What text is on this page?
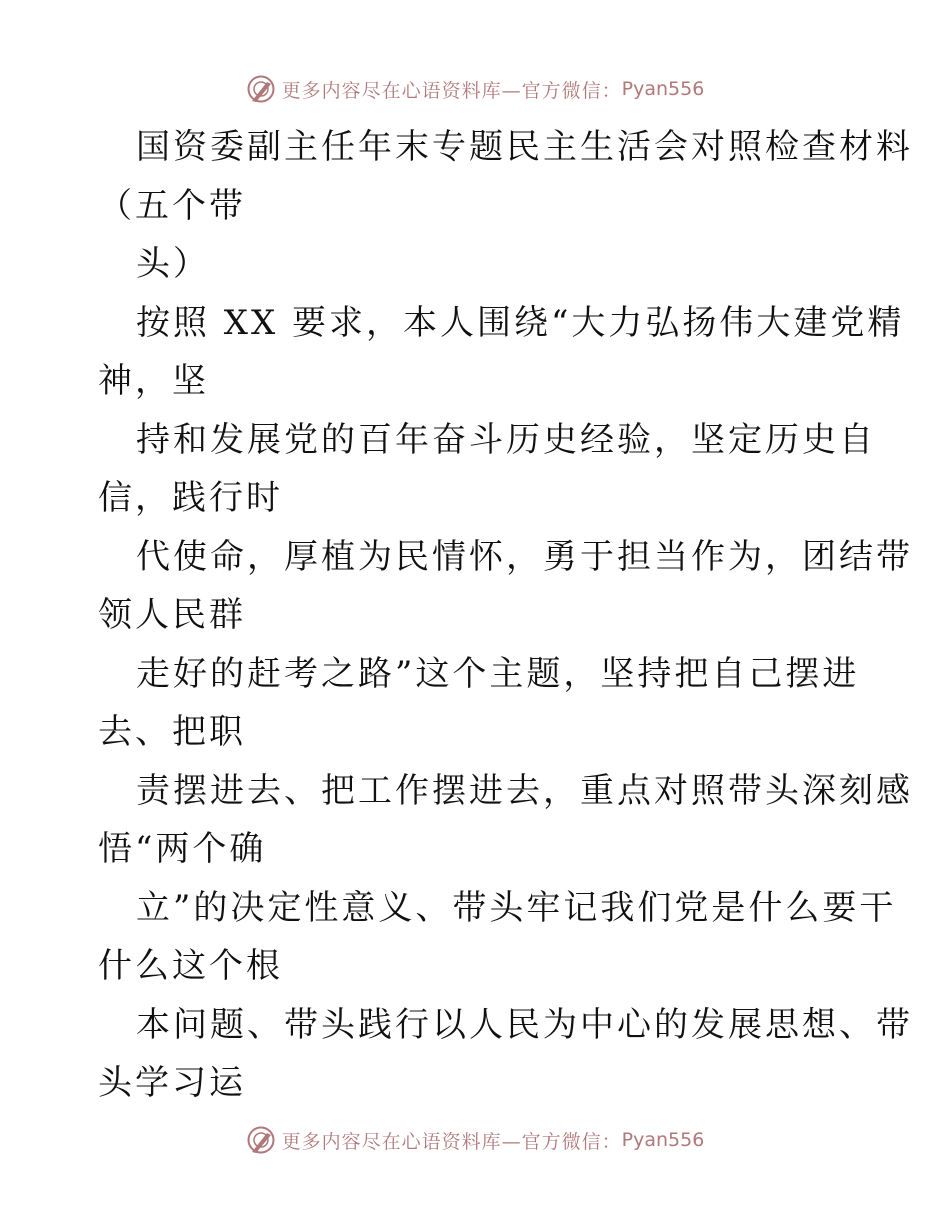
更多内容尽在心语资料库—官方微信： Pyan556
国资委副主任年末专题民主生活会对照检查材料
（五个带
头）
按照 XX 要求，本人围绕“大力弘扬伟大建党精
神，坚
持和发展党的百年奋斗历史经验，坚定历史自
信，践行时
代使命，厚植为民情怀，勇于担当作为，团结带
领人民群
走好的赶考之路”这个主题，坚持把自己摆进
去、把职
责摆进去、把工作摆进去，重点对照带头深刻感
悟“两个确
立”的决定性意义、带头牢记我们党是什么要干
什么这个根
本问题、带头践行以人民为中心的发展思想、带
头学习运
更多内容尽在心语资料库—官方微信： Pyan556
